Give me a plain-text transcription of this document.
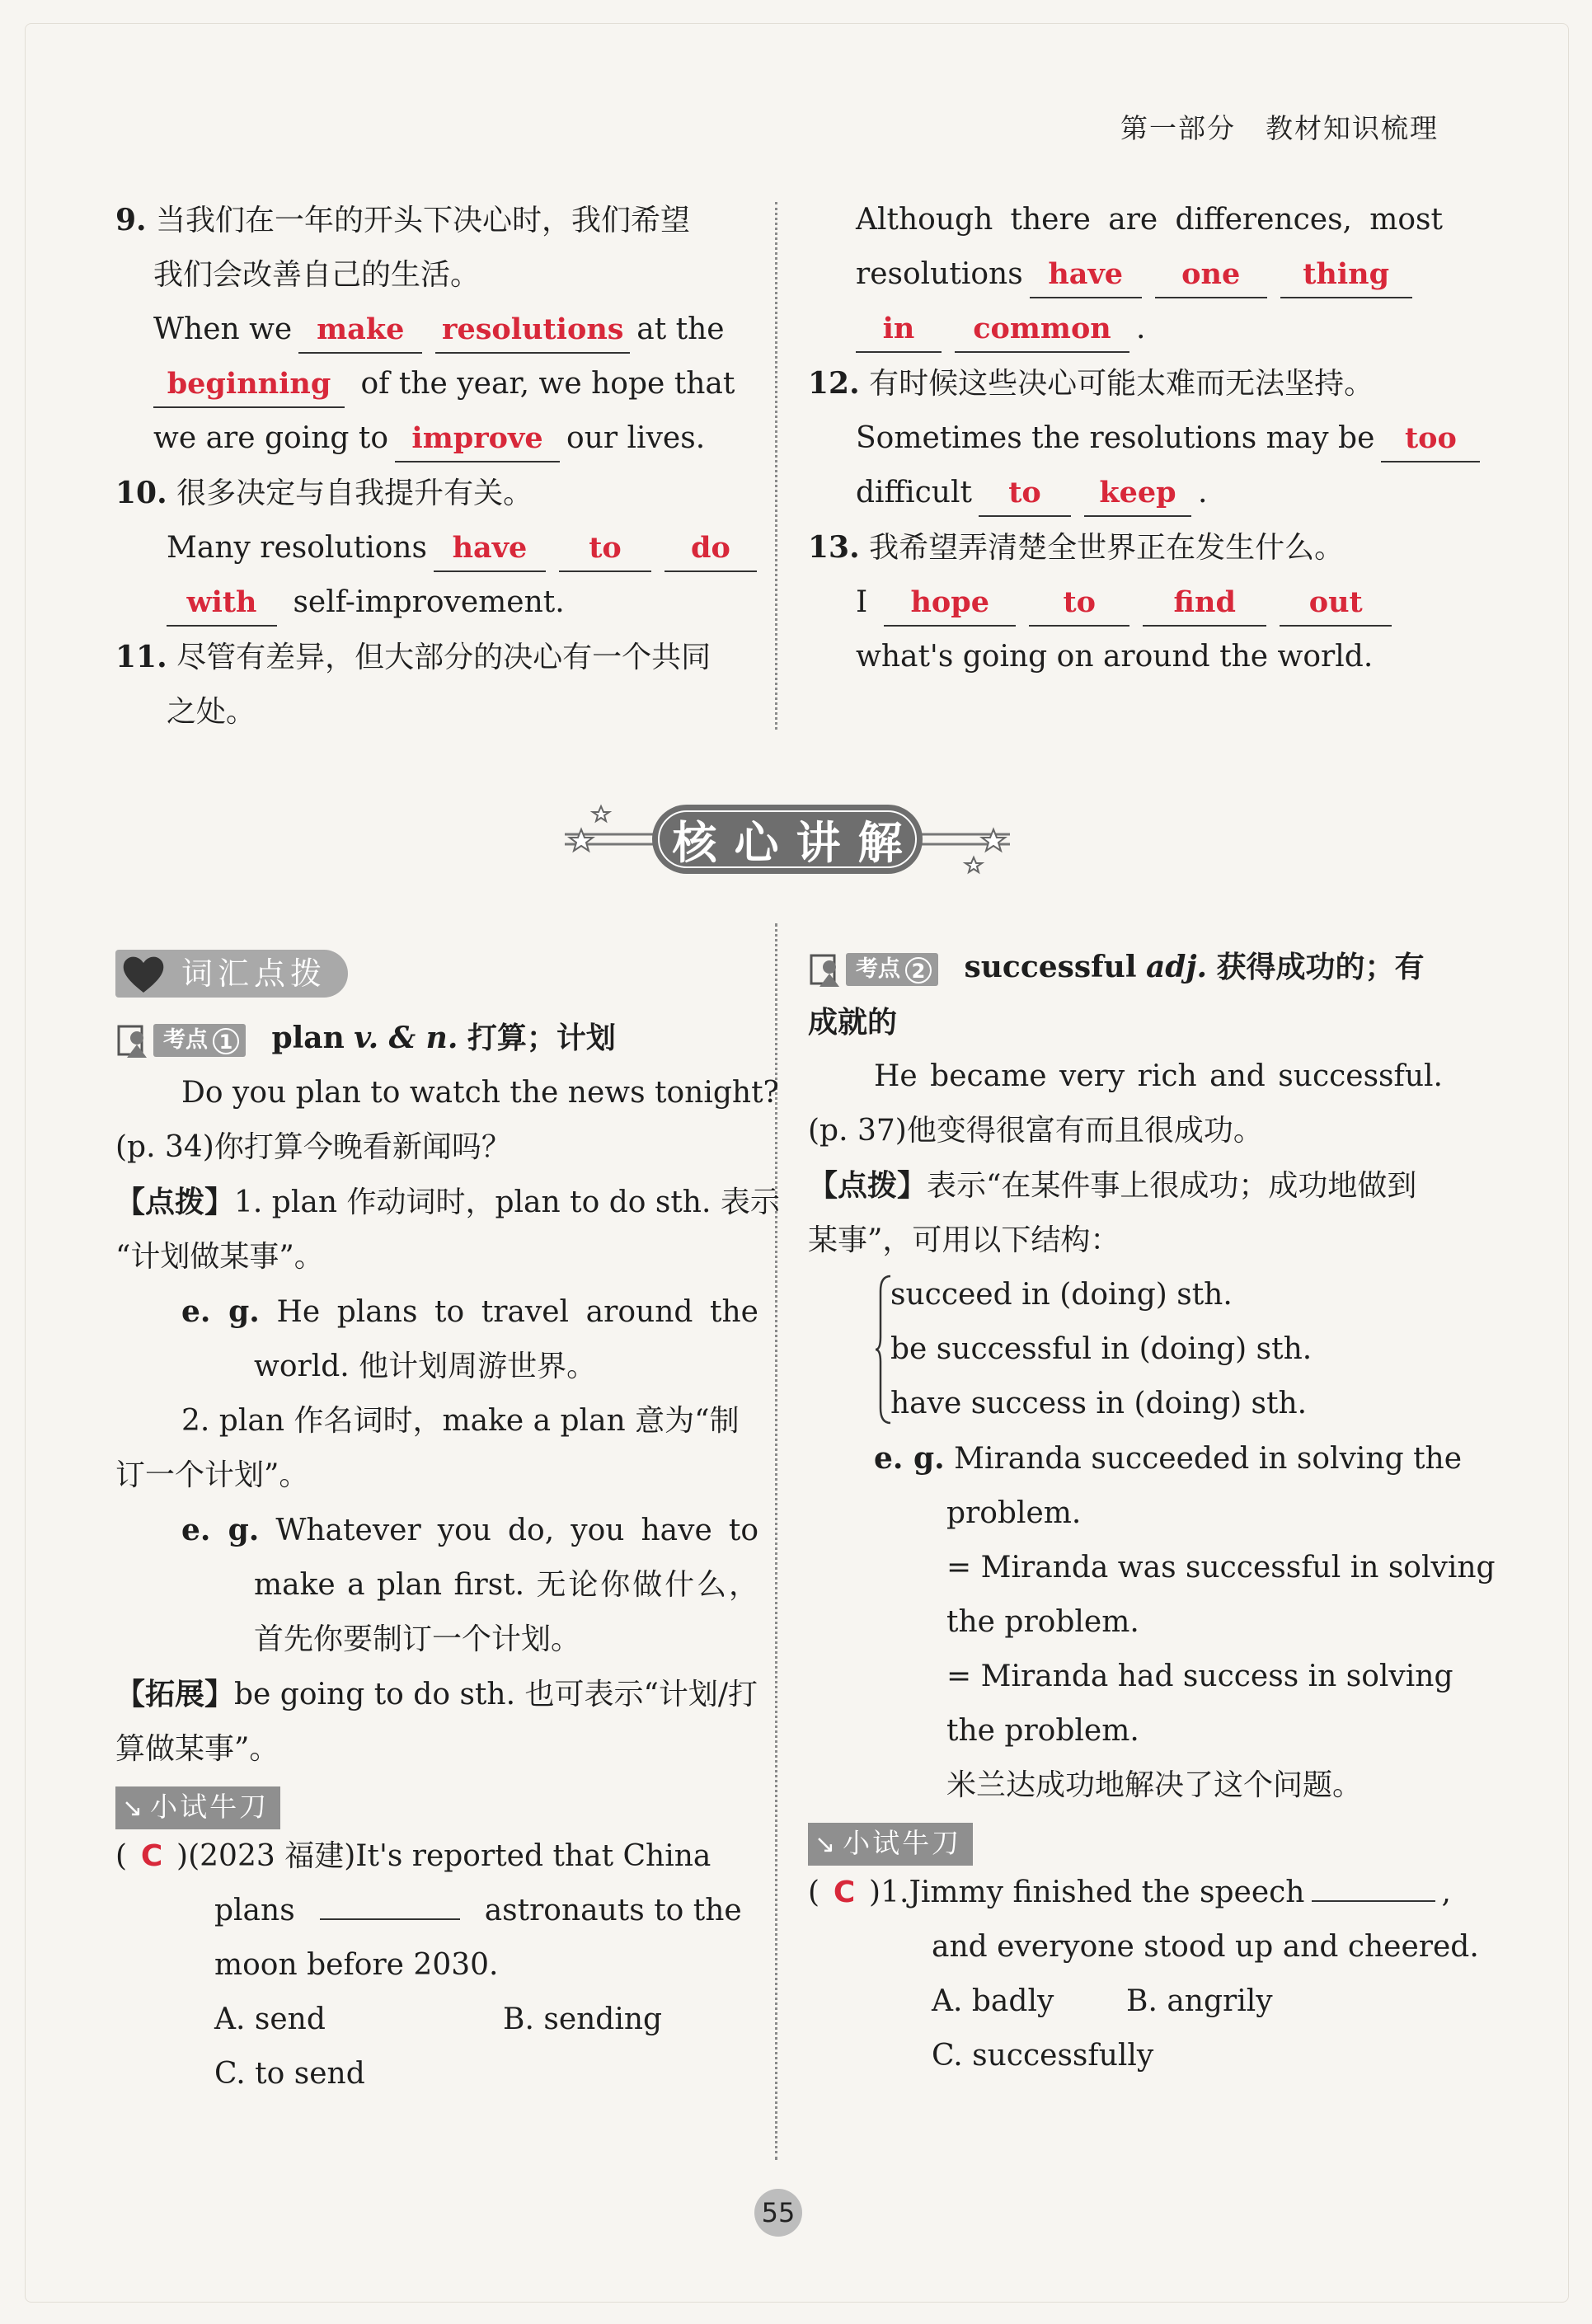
第一部分 教材知识梳理
9. 当我们在一年的开头下决心时，我们希望
我们会改善自己的生活。
When we make resolutions at the
beginning of the year, we hope that
we are going to improve our lives.
10. 很多决定与自我提升有关。
Many resolutions have to do
with self-improvement.
11. 尽管有差异，但大部分的决心有一个共同
之处。
Although there are differences, most
resolutions have one thing
in common .
12. 有时候这些决心可能太难而无法坚持。
Sometimes the resolutions may be too
difficult to keep .
13. 我希望弄清楚全世界正在发生什么。
I hope	to	find	out
what's going on around the world.
核 心 讲 解
词汇点拨
考点 1	plan v. & n. 打算；计划
Do you plan to watch the news tonight?
(p. 34)你打算今晚看新闻吗？
【点拨】1. plan 作动词时，plan to do sth. 表示
“计划做某事”。
e. g. He plans to travel around the
world. 他计划周游世界。
2. plan 作名词时，make a plan 意为“制
订一个计划”。
e. g. Whatever you do, you have to
make a plan first. 无论你做什么，
首先你要制订一个计划。
【拓展】be going to do sth. 也可表示“计划/打
算做某事”。
↘ 小试牛刀
( C )(2023 福建)It's reported that China
plans	astronauts to the
moon before 2030.
A. send	B. sending
C. to send
考点 2	successful adj. 获得成功的；有
成就的
He became very rich and successful.
(p. 37)他变得很富有而且很成功。
【点拨】表示“在某件事上很成功；成功地做到
某事”，可用以下结构：
succeed in (doing) sth.
be successful in (doing) sth.
have success in (doing) sth.
e. g. Miranda succeeded in solving the
problem.
= Miranda was successful in solving
the problem.
= Miranda had success in solving
the problem.
米兰达成功地解决了这个问题。
↘ 小试牛刀
( C )1.Jimmy finished the speech	,
and everyone stood up and cheered.
A. badly B. angrily
C. successfully
55
